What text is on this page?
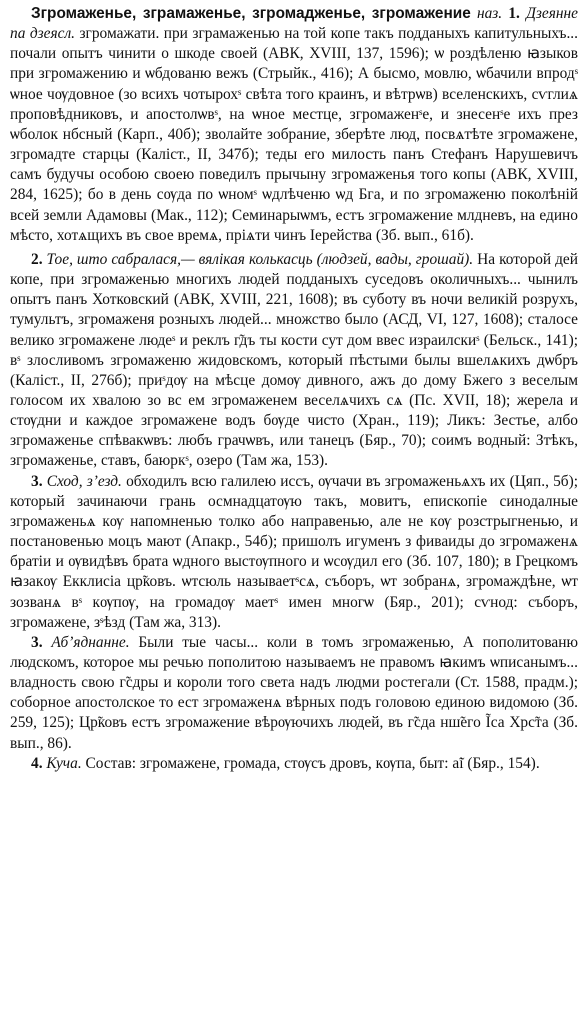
Згромаженье, зграмаженье, згромадженье, згромажение наз. 1. Дзеянне па дзеясл. згромажати. при зграмаженью на той копе такъ подданыхъ капитульныхъ... почали опытъ чинити о шкоде своей (АВК, XVIII, 137, 1596); ѡ роздѣленю ꙗзыков при згромажению и ѡбдованю вежъ (Стрыйк., 416); А бысмо, мовлю, ѡбачили впродˢ ѡное чѹдовное (зо всихъ чотырохˢ свѣта того краинъ, и вѣтрѡв) вселенскихъ, сѵглиѧ проповѣдниковъ, и апостолѡвˢ, на ѡное местце, згромаженˢе, и знесенˢе ихъ през ѡболок нбсный (Карп., 40б); зволайте зобрание, зберѣте люд, посвѧтѣте згромажене, згромадте старцы (Каліст., II, 347б); теды его милость панъ Стефанъ Нарушевичъ самъ будучы особою своею поведилъ прычыну згромаженья того копы (АВК, XVIII, 284, 1625); бо в день сѹда по ѡномˢ ѡдлѣченю ѡд Бга, и по згромаженю поколѣнiй всей земли Адамовы (Мак., 112); Семинарыѡмъ, естъ згромажение млдневъ, на едино мѣсто, хотѧщихъ въ свое времѧ, прiѧти чинъ Iерейства (Зб. вып., 61б).

2. Тое, што сабралася,— вялікая колькасць (людзей, вады, грошай). На которой дей копе, при згромаженью многихъ людей подданыхъ суседовъ околичныхъ... чынилъ опытъ панъ Хотковский (АВК, XVIII, 221, 1608); въ суботу въ ночи великiй розрухъ, тумультъ, згромаженя розныхъ людей... множство было (АСД, VI, 127, 1608); сталосе велико згромажене людеˢ и реклъ г̃дъ ты кости сут дом ввес израилскиˢ (Бельск., 141); вˢ злосливомъ згромаженю жидовскомъ, который пѣстыми былы вшелѧкихъ дѡбръ (Каліст., II, 276б); приˢдѹ на мѣсце домѹ дивного, ажъ до дому Бжего з веселым голосом их хвалою зо вс ем згромаженем веселѧчихъ сѧ (Пс. XVII, 18); жерела и стѹдни и каждое згромажене водъ бѹде чисто (Хран., 119); Ликъ: Зестье, албо згромаженье спѣвакѡвъ: любъ грачѡвъ, или танецъ (Бяр., 70); соимъ водный: Зтѣкъ, згромаженье, ставъ, баюркˢ, озеро (Там жа, 153).

3. Сход, з’езд. обходилъ всю галилею иссъ, ѹчачи въ згромаженьѧхъ их (Цяп., 5б); который зачинаючи грань осмнадцатѹю такъ, мовитъ, епископiе синодалные згромаженьѧ кѹ напомненью толко або направенью, але не кѹ розстрыгненью, и постановенью моцъ мают (Апакр., 54б); пришолъ игуменъ з фиваиды до згромаженѧ братiи и ѹвидѣвъ брата ѡдного выстѹпного и ѡсѹдил его (Зб. 107, 180); в Грецкомъ ꙗзакѹ Екклисiа цр̃ковъ. ѡтсюль называетˢсѧ, съборъ, ѡт зобранѧ, згромаждѣне, ѡт зозванѧ вˢ кѹпѹ, на громадѹ маетˢ имен многѡ (Бяр., 201); сѵнод: съборъ, згромажене, зˢѣзд (Там жа, 313).

3. Аб’яднанне. Были тые часы... коли в томъ згромаженью, А пополитованю людскомъ, которое мы речью пополитою называемъ не правомъ ꙗкимъ ѡписанымъ... владность свою г̃сдры и короли того света надъ людми ростегали (Ст. 1588, прадм.); соборное апостолское то ест згромаженѧ вѣрных подъ головою единою видомою (Зб. 259, 125); Цр̃ковъ естъ згромажение вѣрѹючихъ людей, въ г̃сда нш̃его Ĩса Хрс̃та (Зб. вып., 86).

4. Куча. Состав: згромажене, громада, стѹсъ дровъ, кѹпа, быт: а̃i (Бяр., 154).
